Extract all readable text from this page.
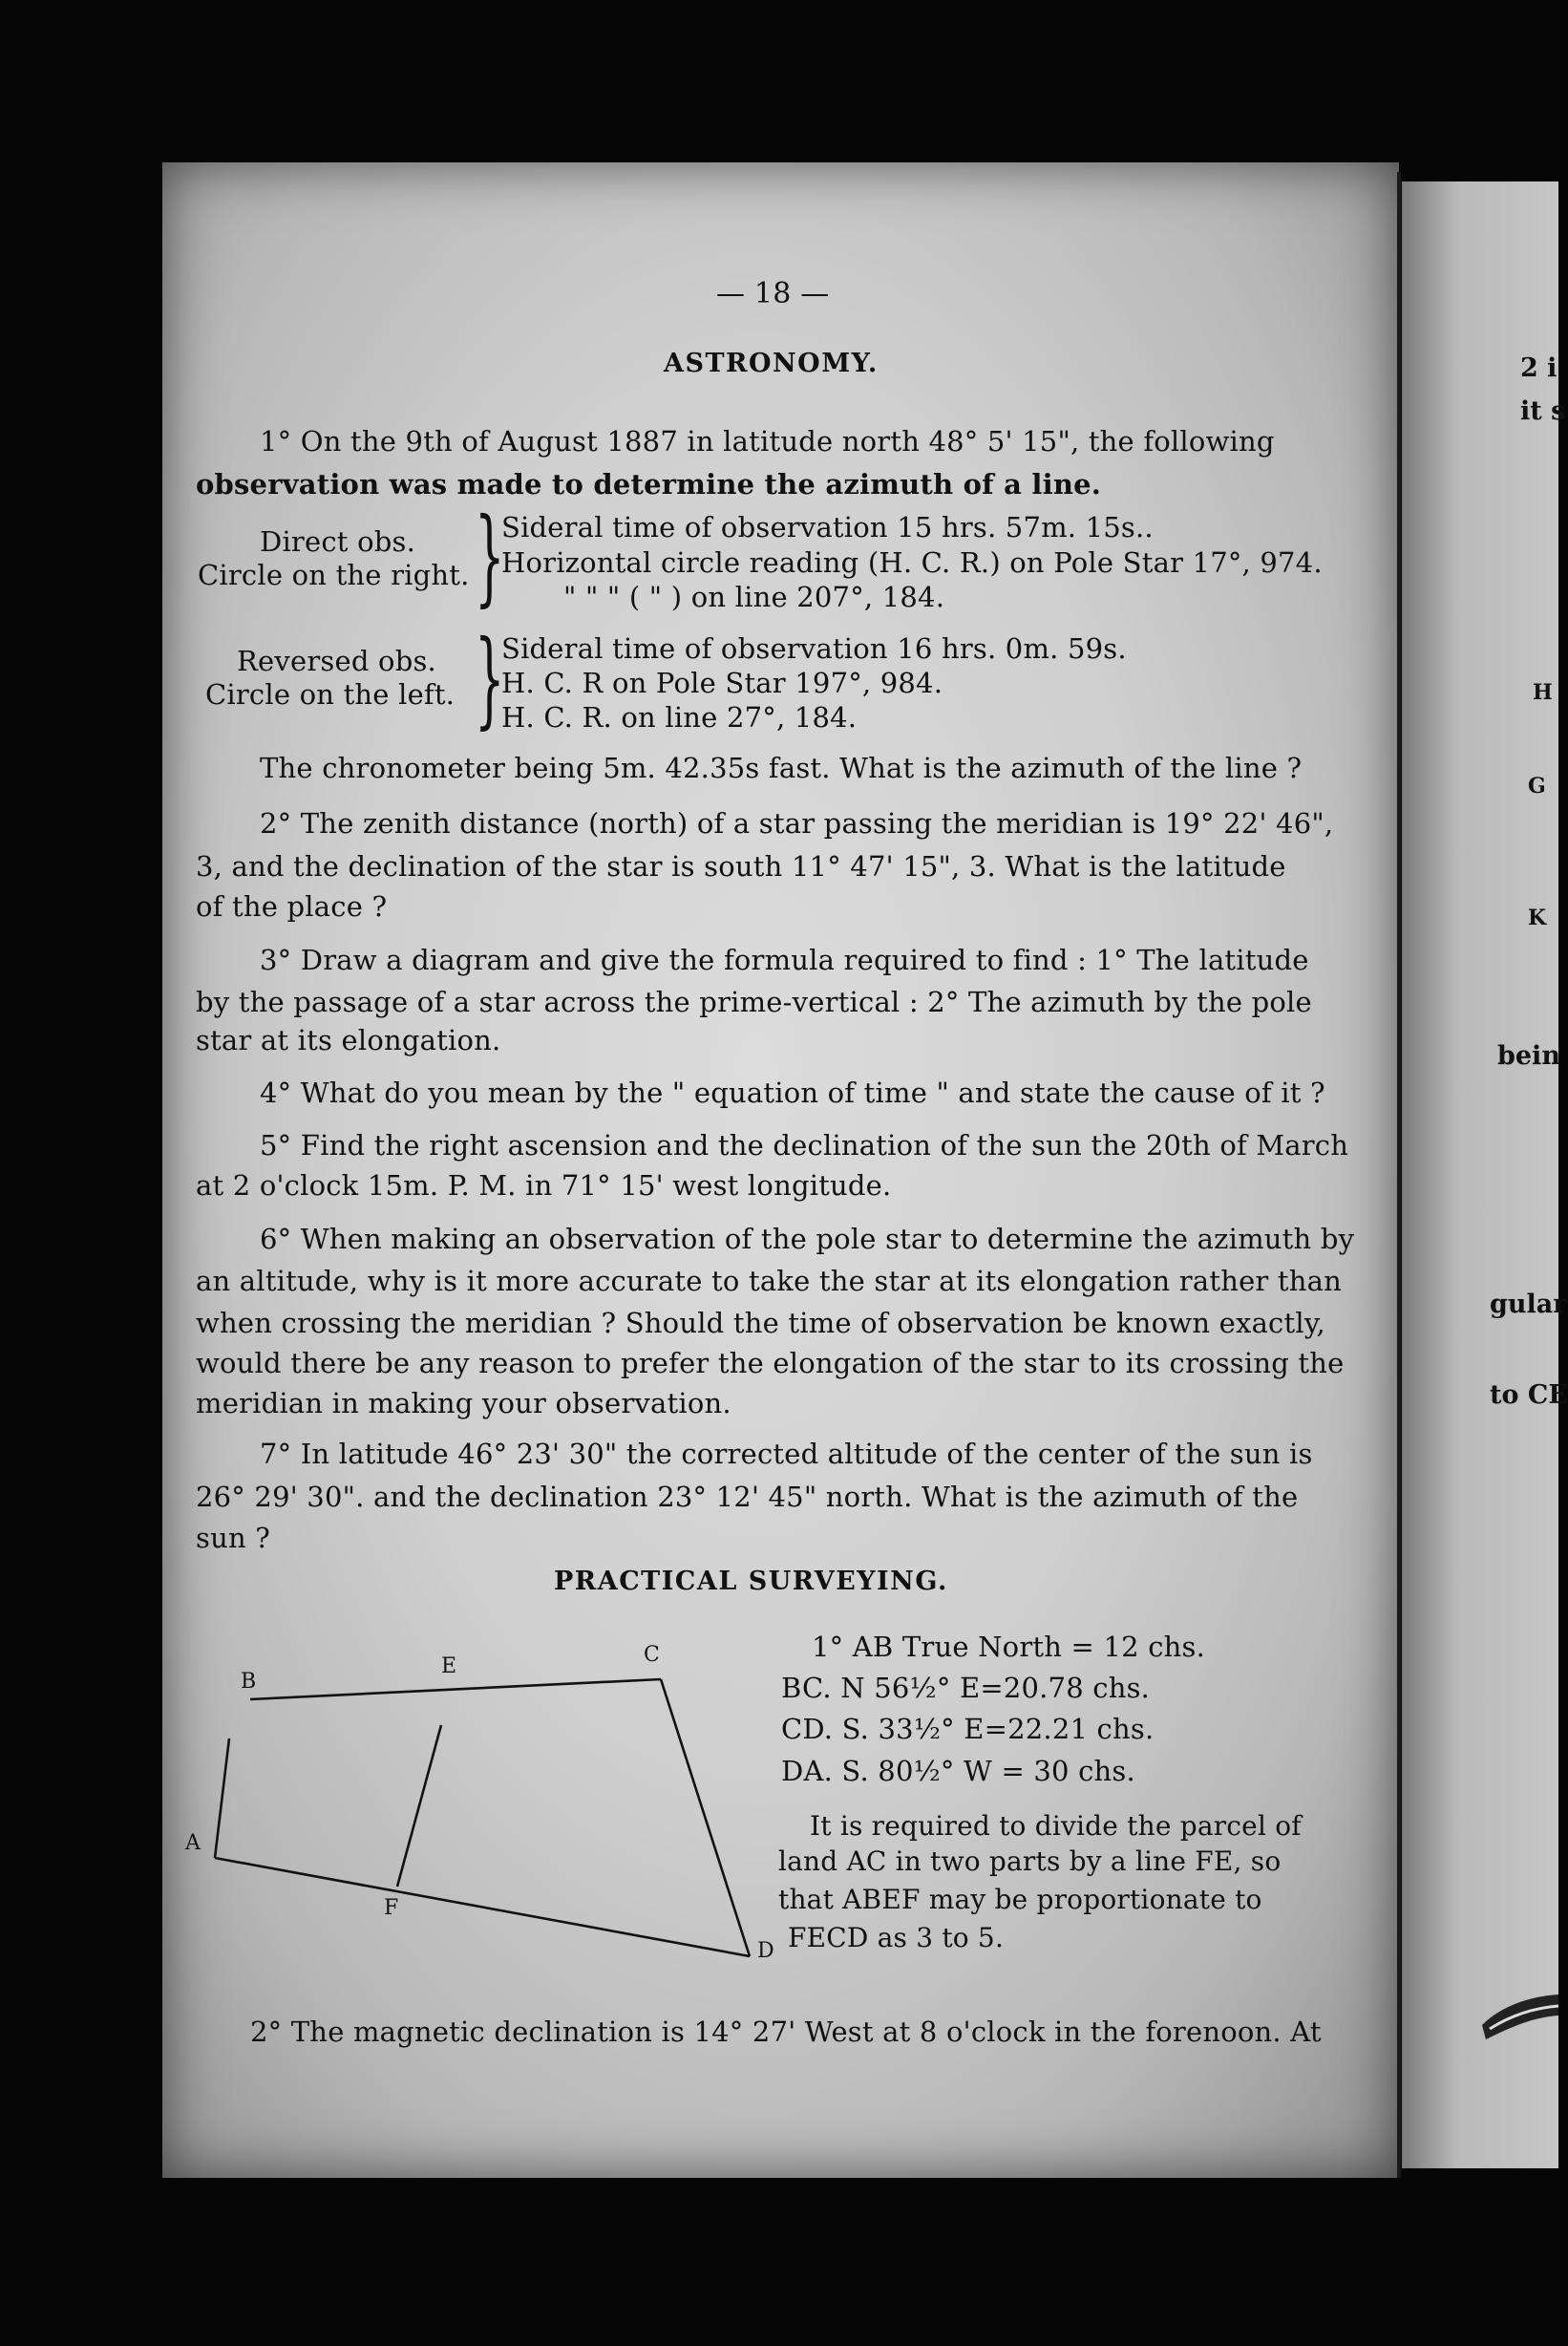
— 18 —
ASTRONOMY.
1° On the 9th of August 1887 in latitude north 48° 5' 15", the following
observation was made to determine the azimuth of a line.
Direct obs.
Circle on the right. }
Sideral time of observation 15 hrs. 57m. 15s..
Horizontal circle reading (H. C. R.) on Pole Star 17°, 974.
" " " ( " ) on line 207°, 184.
Reversed obs.
Circle on the left. }
Sideral time of observation 16 hrs. 0m. 59s.
H. C. R on Pole Star 197°, 984.
H. C. R. on line 27°, 184.
The chronometer being 5m. 42.35s fast. What is the azimuth of the line ?
2° The zenith distance (north) of a star passing the meridian is 19° 22' 46",
3, and the declination of the star is south 11° 47' 15", 3. What is the latitude
of the place ?
3° Draw a diagram and give the formula required to find : 1° The latitude
by the passage of a star across the prime-vertical : 2° The azimuth by the pole
star at its elongation.
4° What do you mean by the " equation of time " and state the cause of it ?
5° Find the right ascension and the declination of the sun the 20th of March
at 2 o'clock 15m. P. M. in 71° 15' west longitude.
6° When making an observation of the pole star to determine the azimuth by
an altitude, why is it more accurate to take the star at its elongation rather than
when crossing the meridian ? Should the time of observation be known exactly,
would there be any reason to prefer the elongation of the star to its crossing the
meridian in making your observation.
7° In latitude 46° 23' 30" the corrected altitude of the center of the sun is
26° 29' 30". and the declination 23° 12' 45" north. What is the azimuth of the
sun ?
PRACTICAL SURVEYING.
B
E	C
A
F
D
1° AB True North = 12 chs.
BC. N 56½° E=20.78 chs.
CD. S. 33½° E=22.21 chs.
DA. S. 80½° W = 30 chs.
It is required to divide the parcel of
land AC in two parts by a line FE, so
that ABEF may be proportionate to
FECD as 3 to 5.
2° The magnetic declination is 14° 27' West at 8 o'clock in the forenoon. At
2 i
it s
H
G
K
bein
gular
to CE
